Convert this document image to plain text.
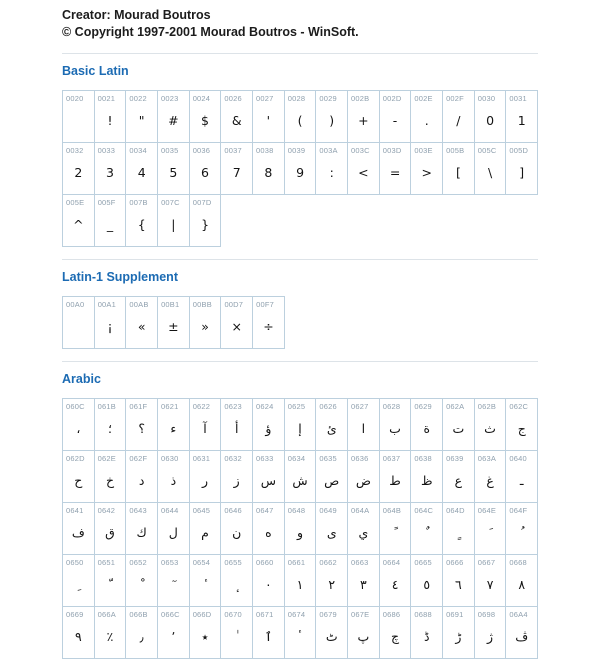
Creator: Mourad Boutros
© Copyright 1997-2001 Mourad Boutros - WinSoft.
Basic Latin
0020	0021
!
0022
"
0023
#
0024
$
0026
&
0027
'
0028
(
0029
)
002B
+
002D
-
002E
.
002F
/
0030
0
0031
1
0032
2
0033
3
0034
4
0035
5
0036
6
0037
7
0038
8
0039
9
003A
:
003C
<
003D
=
003E
>
005B
[
005C
\
005D
]
005E
^
005F
_
007B
{
007C
|
007D
}
Latin-1 Supplement
00A0	00A1
¡
00AB
«
00B1
±
00BB
»
00D7
×
00F7
÷
Arabic
060C
،
061B
؛
061F
؟
0621
ء
0622
آ
0623
أ
0624
ؤ
0625
إ
0626
ئ
0627
ا
0628
ب
0629
ة
062A
ت
062B
ث
062C
ج
062D
ح
062E
خ
062F
د
0630
ذ
0631
ر
0632
ز
0633
س
0634
ش
0635
ص
0636
ض
0637
ط
0638
ظ
0639
ع
063A
غ
0640
ـ
0641
ف
0642
ق
0643
ك
0644
ل
0645
م
0646
ن
0647
ه
0648
و
0649
ى
064A
ي
064B
ً
064C
ٌ
064D
ٍ
064E
َ
064F
ُ
0650
ِ
0651
ّ
0652
ْ
0653
ٓ
0654
ٔ
0655
ٕ
0660
٠
0661
١
0662
٢
0663
٣
0664
٤
0665
٥
0666
٦
0667
٧
0668
٨
0669
٩
066A
٪
066B
٫
066C
٬
066D
٭
0670
ٰ
0671
ٱ
0674
ٴ
0679
ٹ
067E
پ
0686
چ
0688
ڈ
0691
ڑ
0698
ژ
06A4
ڤ
